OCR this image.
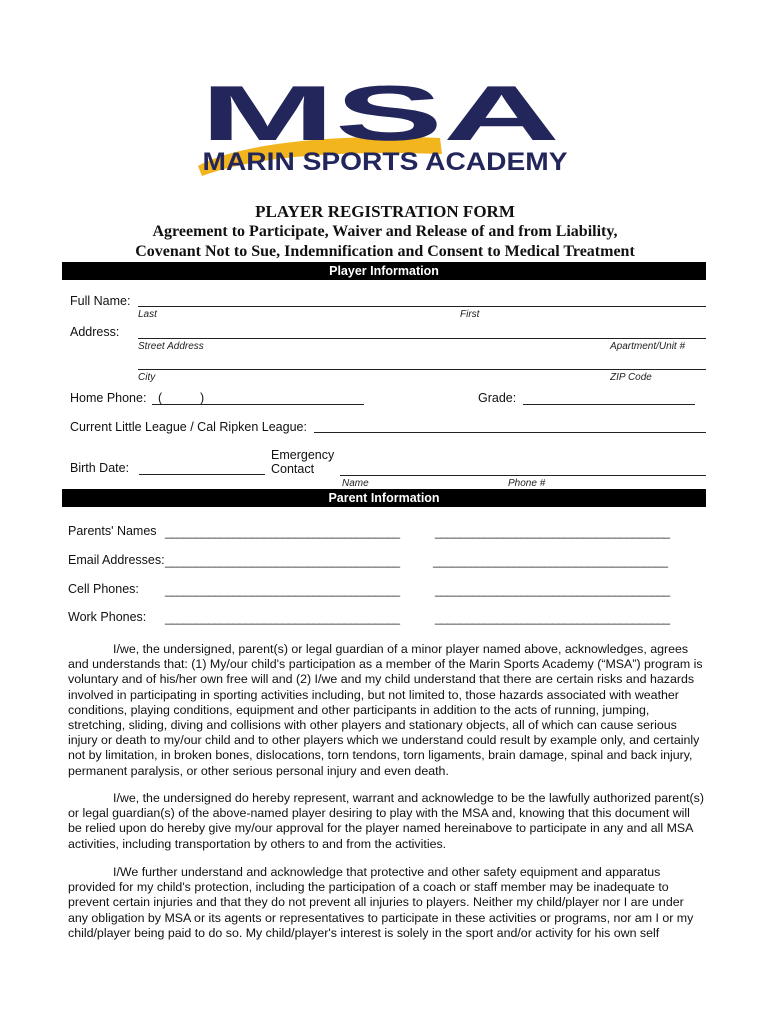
MSA
MARIN SPORTS ACADEMY
PLAYER REGISTRATION FORM
Agreement to Participate, Waiver and Release of and from Liability,
Covenant Not to Sue, Indemnification and Consent to Medical Treatment
Player Information
Full Name:
Last	First
Address:
Street Address	Apartment/Unit #
City	ZIP Code
Home Phone: (	)	Grade:
Current Little League / Cal Ripken League:
Birth Date:
Emergency
Contact
Name	Phone #
Parent Information
Parents' Names ______________________________________	______________________________________
Email Addresses: ______________________________________	______________________________________
Cell Phones: ______________________________________	______________________________________
Work Phones: ______________________________________	______________________________________

I/we, the undersigned, parent(s) or legal guardian of a minor player named above, acknowledges, agrees and understands that: (1) My/our child's participation as a member of the Marin Sports Academy (“MSA”) program is voluntary and of his/her own free will and (2) I/we and my child understand that there are certain risks and hazards involved in participating in sporting activities including, but not limited to, those hazards associated with weather conditions, playing conditions, equipment and other participants in addition to the acts of running, jumping, stretching, sliding, diving and collisions with other players and stationary objects, all of which can cause serious injury or death to my/our child and to other players which we understand could result by example only, and certainly not by limitation, in broken bones, dislocations, torn tendons, torn ligaments, brain damage, spinal and back injury, permanent paralysis, or other serious personal injury and even death.

I/we, the undersigned do hereby represent, warrant and acknowledge to be the lawfully authorized parent(s) or legal guardian(s) of the above-named player desiring to play with the MSA and, knowing that this document will be relied upon do hereby give my/our approval for the player named hereinabove to participate in any and all MSA activities, including transportation by others to and from the activities.

I/We further understand and acknowledge that protective and other safety equipment and apparatus provided for my child's protection, including the participation of a coach or staff member may be inadequate to prevent certain injuries and that they do not prevent all injuries to players. Neither my child/player nor I are under any obligation by MSA or its agents or representatives to participate in these activities or programs, nor am I or my child/player being paid to do so. My child/player's interest is solely in the sport and/or activity for his own self
